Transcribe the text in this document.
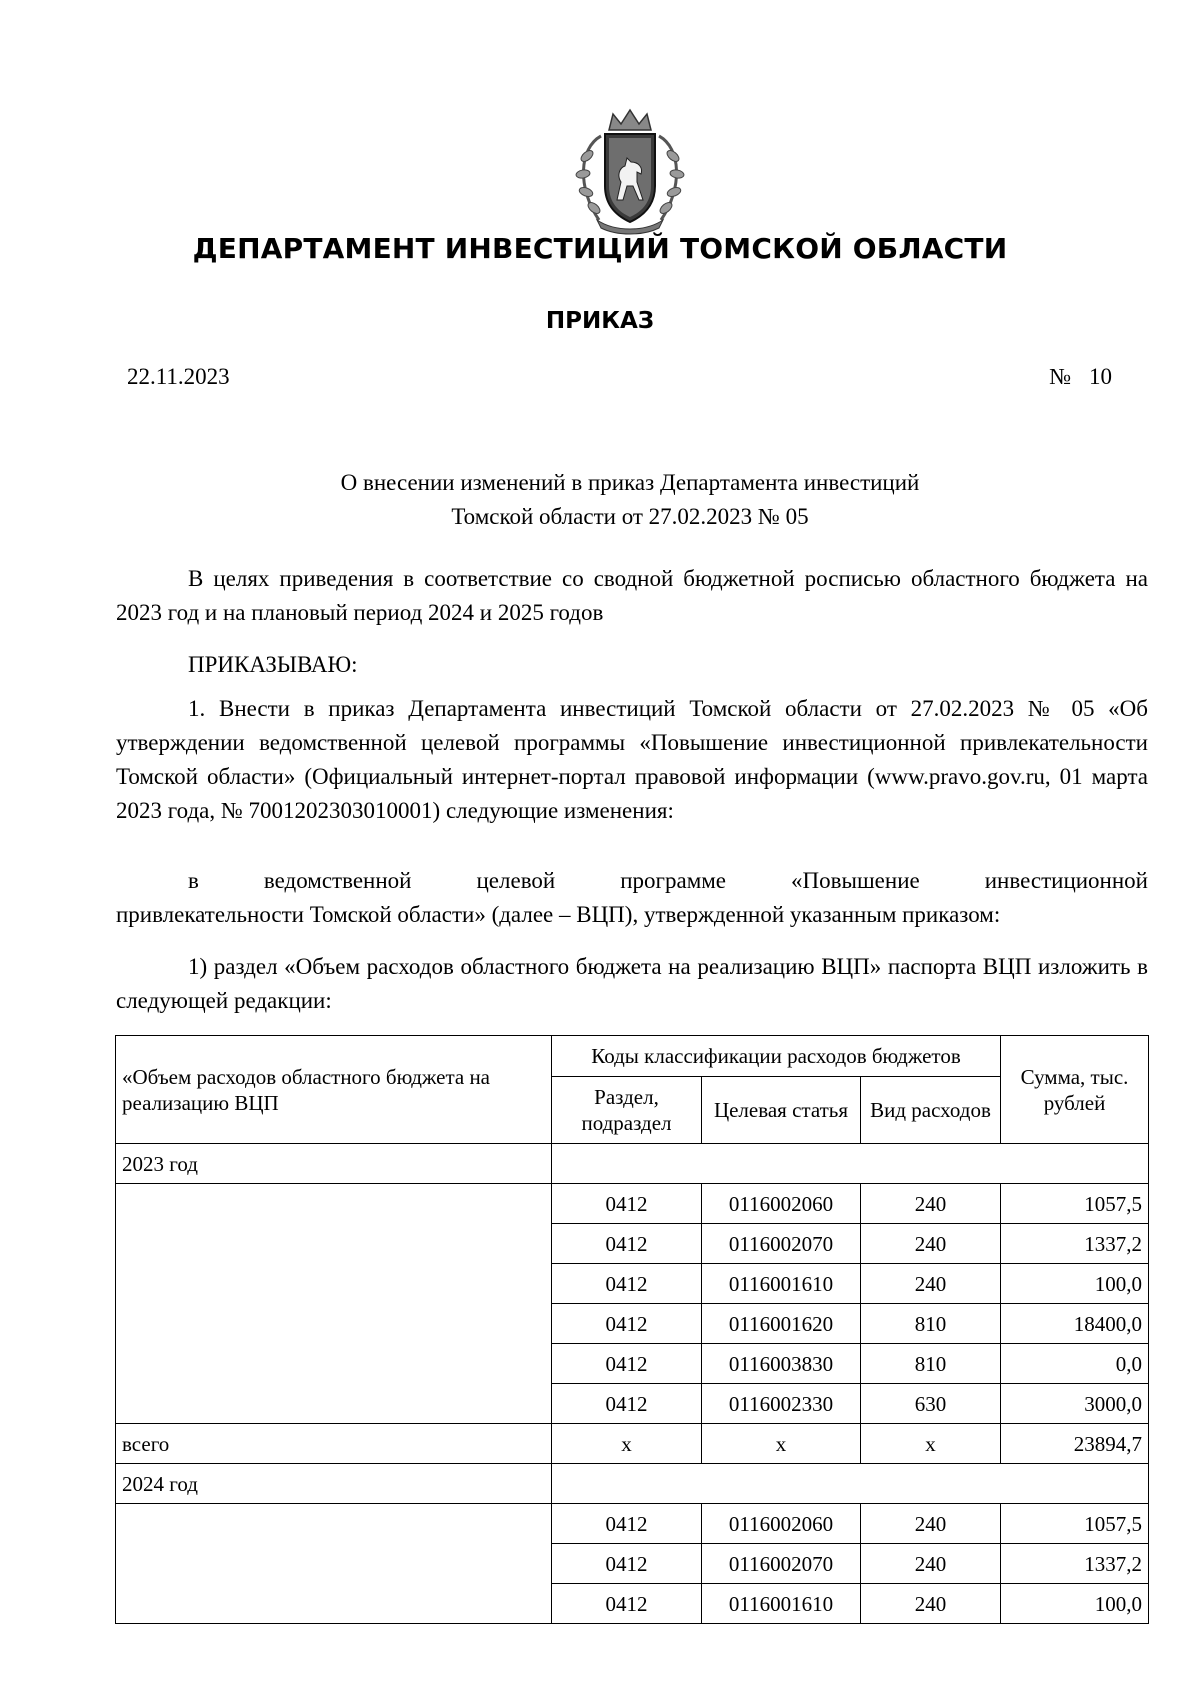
ДЕПАРТАМЕНТ ИНВЕСТИЦИЙ ТОМСКОЙ ОБЛАСТИ
ПРИКАЗ
22.11.2023	№ 10
О внесении изменений в приказ Департамента инвестиций
Томской области от 27.02.2023 № 05
В целях приведения в соответствие со сводной бюджетной росписью областного бюджета на 2023 год и на плановый период 2024 и 2025 годов
ПРИКАЗЫВАЮ:
1. Внести в приказ Департамента инвестиций Томской области от 27.02.2023 № 05 «Об утверждении ведомственной целевой программы «Повышение инвестиционной привлекательности Томской области» (Официальный интернет-портал правовой информации (www.pravo.gov.ru, 01 марта 2023 года, № 7001202303010001) следующие изменения:
в ведомственной целевой программе «Повышение инвестиционной
привлекательности Томской области» (далее – ВЦП), утвержденной указанным приказом:
1) раздел «Объем расходов областного бюджета на реализацию ВЦП» паспорта ВЦП изложить в следующей редакции:
«Объем расходов областного бюджета на реализацию ВЦП	Коды классификации расходов бюджетов			Сумма, тыс. рублей
	Раздел, подраздел	Целевая статья	Вид расходов	
2023 год				
	0412	0116002060	240	1057,5
	0412	0116002070	240	1337,2
	0412	0116001610	240	100,0
	0412	0116001620	810	18400,0
	0412	0116003830	810	0,0
	0412	0116002330	630	3000,0
всего	х	х	х	23894,7
2024 год				
	0412	0116002060	240	1057,5
	0412	0116002070	240	1337,2
	0412	0116001610	240	100,0
